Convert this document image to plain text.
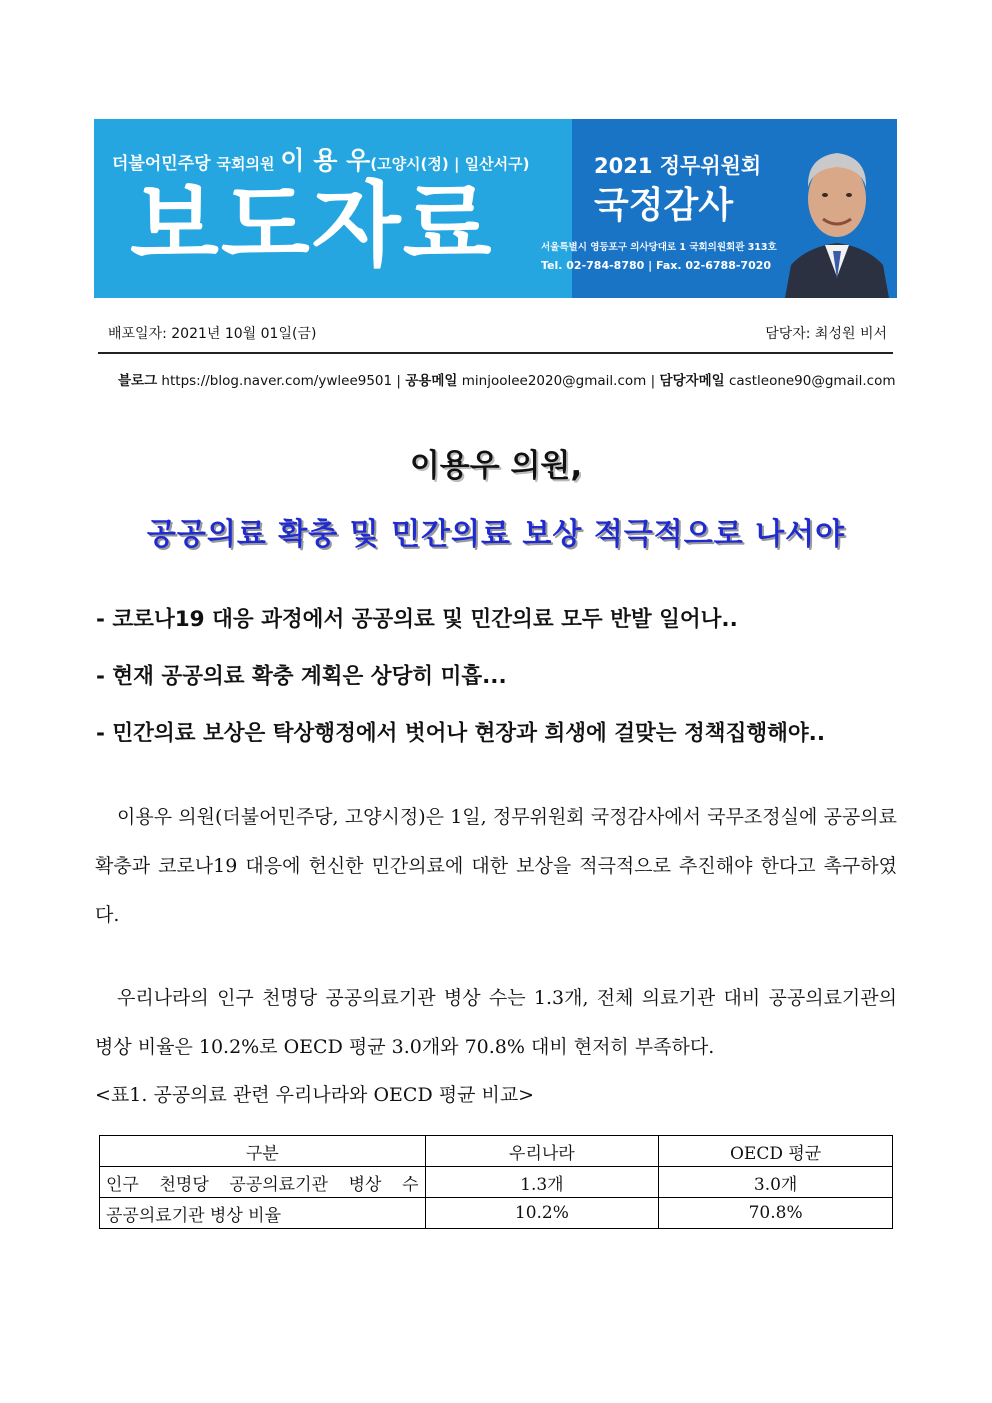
더불어민주당 국회의원 이 용 우(고양시(정) | 일산서구)
보도자료
2021 정무위원회
국정감사
서울특별시 영등포구 의사당대로 1 국회의원회관 313호
Tel. 02-784-8780 | Fax. 02-6788-7020
배포일자: 2021년 10월 01일(금)	담당자: 최성원 비서
블로그 https://blog.naver.com/ywlee9501 | 공용메일 minjoolee2020@gmail.com | 담당자메일 castleone90@gmail.com
이용우 의원,
공공의료 확충 및 민간의료 보상 적극적으로 나서야
- 코로나19 대응 과정에서 공공의료 및 민간의료 모두 반발 일어나..
- 현재 공공의료 확충 계획은 상당히 미흡...
- 민간의료 보상은 탁상행정에서 벗어나 현장과 희생에 걸맞는 정책집행해야..

이용우 의원(더불어민주당, 고양시정)은 1일, 정무위원회 국정감사에서 국무조정실에 공공의료 확충과 코로나19 대응에 헌신한 민간의료에 대한 보상을 적극적으로 추진해야 한다고 촉구하였다.

우리나라의 인구 천명당 공공의료기관 병상 수는 1.3개, 전체 의료기관 대비 공공의료기관의 병상 비율은 10.2%로 OECD 평균 3.0개와 70.8% 대비 현저히 부족하다.

<표1. 공공의료 관련 우리나라와 OECD 평균 비교>
구분	우리나라	OECD 평균
인구 천명당 공공의료기관 병상 수	1.3개	3.0개
공공의료기관 병상 비율	10.2%	70.8%
